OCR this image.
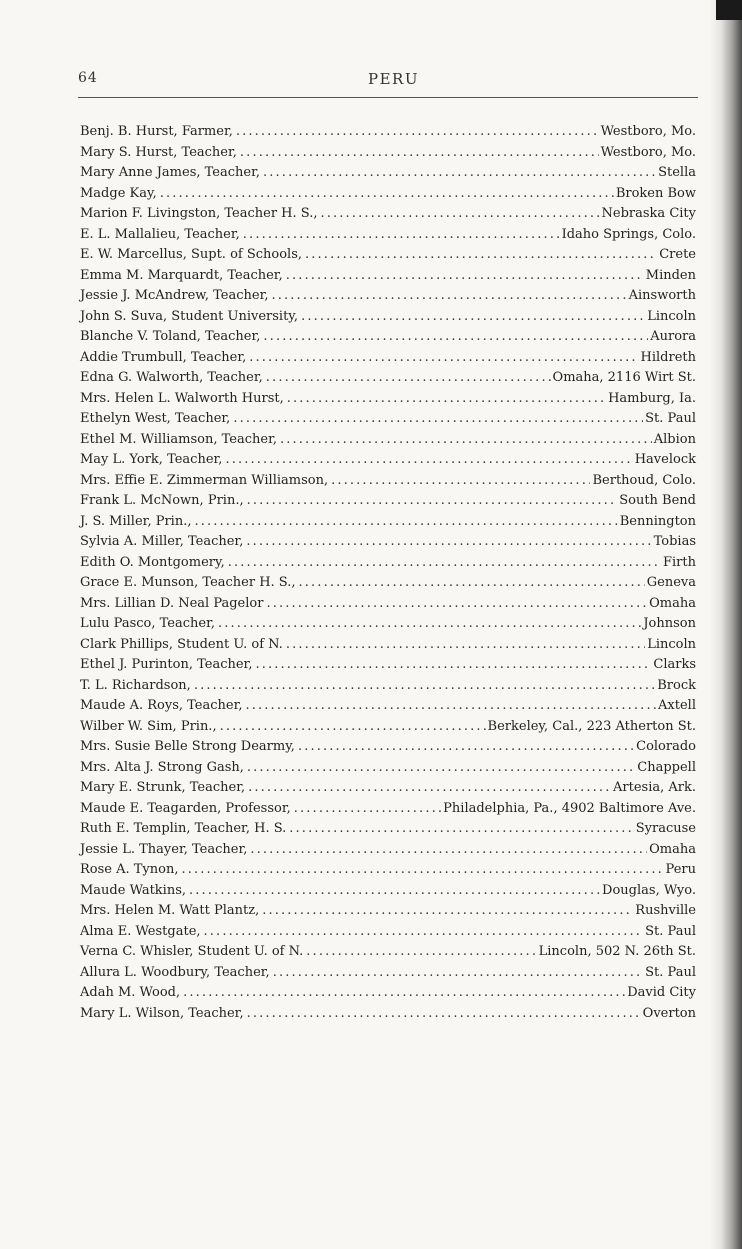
64	PERU
Benj. B. Hurst, Farmer, . . .	Westboro, Mo.
Mary S. Hurst, Teacher, . . .	Westboro, Mo.
Mary Anne James, Teacher, . . .	Stella
Madge Kay, . . .	Broken Bow
Marion F. Livingston, Teacher H. S., . . .	Nebraska City
E. L. Mallalieu, Teacher, . . .	Idaho Springs, Colo.
E. W. Marcellus, Supt. of Schools, . . .	Crete
Emma M. Marquardt, Teacher, . . .	Minden
Jessie J. McAndrew, Teacher, . . .	Ainsworth
John S. Suva, Student University, . . .	Lincoln
Blanche V. Toland, Teacher, . . .	Aurora
Addie Trumbull, Teacher, . . .	Hildreth
Edna G. Walworth, Teacher, . . .	Omaha, 2116 Wirt St.
Mrs. Helen L. Walworth Hurst, . . .	Hamburg, Ia.
Ethelyn West, Teacher, . . .	St. Paul
Ethel M. Williamson, Teacher, . . .	Albion
May L. York, Teacher, . . .	Havelock
Mrs. Effie E. Zimmerman Williamson, . . .	Berthoud, Colo.
Frank L. McNown, Prin., . . .	South Bend
J. S. Miller, Prin., . . .	Bennington
Sylvia A. Miller, Teacher, . . .	Tobias
Edith O. Montgomery, . . .	Firth
Grace E. Munson, Teacher H. S., . . .	Geneva
Mrs. Lillian D. Neal Pagelor . . .	Omaha
Lulu Pasco, Teacher, . . .	Johnson
Clark Phillips, Student U. of N. . . .	Lincoln
Ethel J. Purinton, Teacher, . . .	Clarks
T. L. Richardson, . . .	Brock
Maude A. Roys, Teacher, . . .	Axtell
Wilber W. Sim, Prin., . . .	Berkeley, Cal., 223 Atherton St.
Mrs. Susie Belle Strong Dearmy, . . .	Colorado
Mrs. Alta J. Strong Gash, . . .	Chappell
Mary E. Strunk, Teacher, . . .	Artesia, Ark.
Maude E. Teagarden, Professor, . . .	Philadelphia, Pa., 4902 Baltimore Ave.
Ruth E. Templin, Teacher, H. S. . . .	Syracuse
Jessie L. Thayer, Teacher, . . .	Omaha
Rose A. Tynon, . . .	Peru
Maude Watkins, . . .	Douglas, Wyo.
Mrs. Helen M. Watt Plantz, . . .	Rushville
Alma E. Westgate, . . .	St. Paul
Verna C. Whisler, Student U. of N. . . .	Lincoln, 502 N. 26th St.
Allura L. Woodbury, Teacher, . . .	St. Paul
Adah M. Wood, . . .	David City
Mary L. Wilson, Teacher, . . .	Overton
